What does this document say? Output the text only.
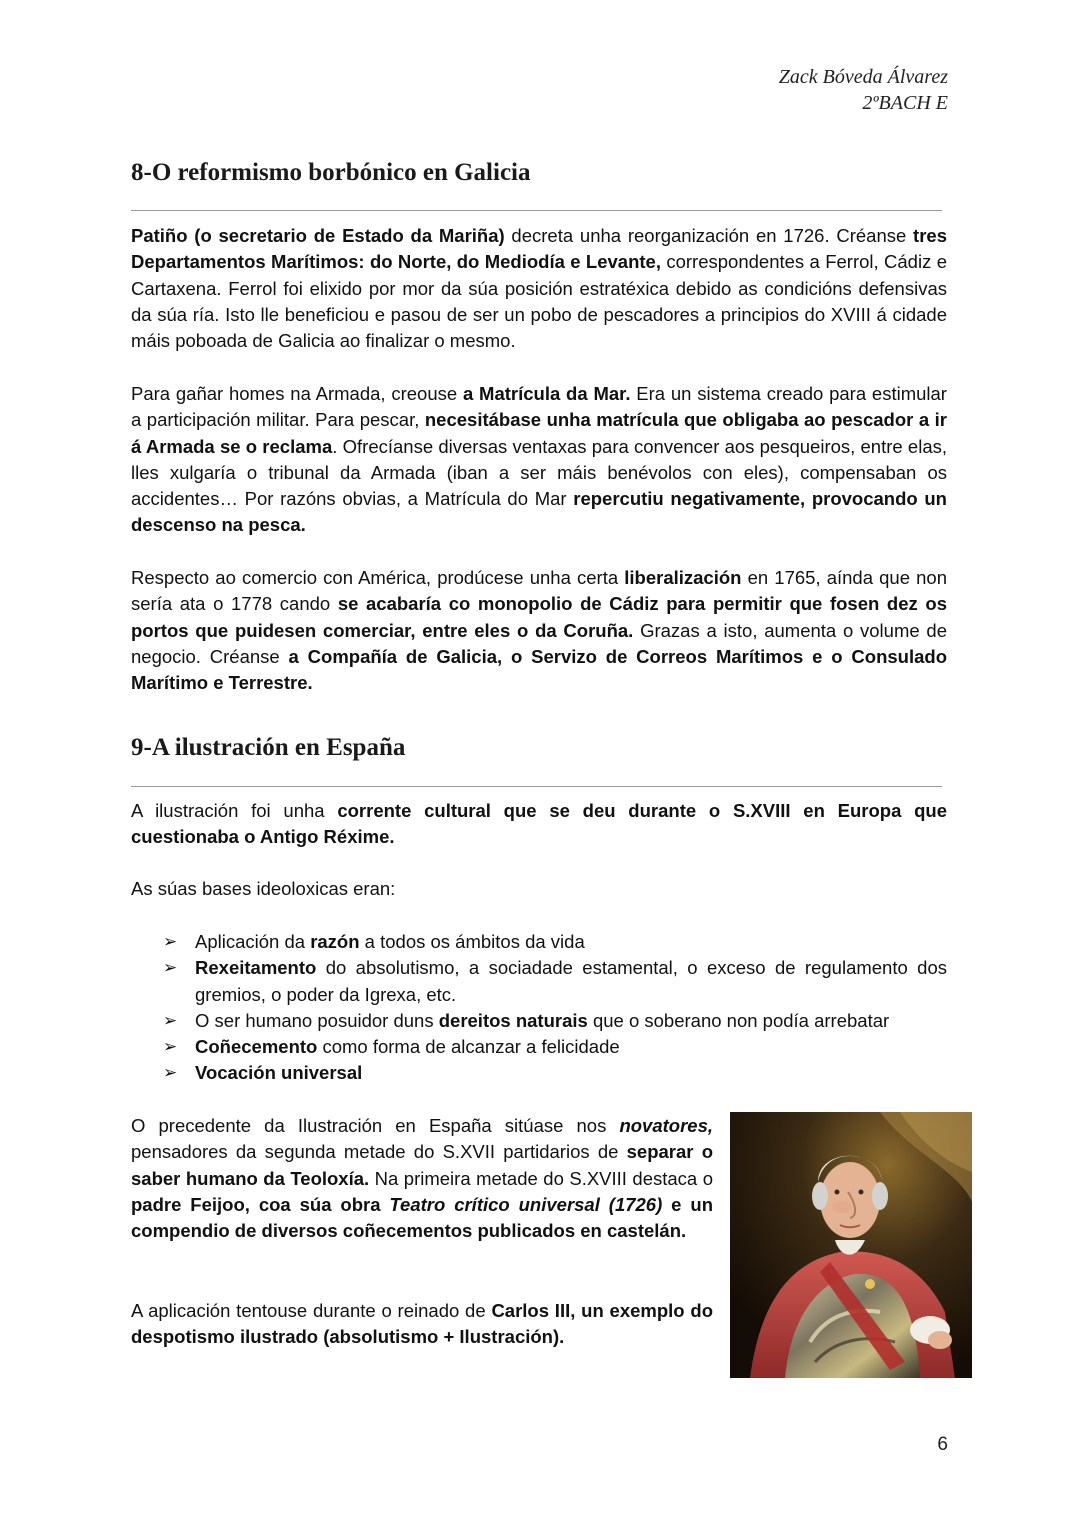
Zack Bóveda Álvarez
2ºBACH E
8-O reformismo borbónico en Galicia

Patiño (o secretario de Estado da Mariña) decreta unha reorganización en 1726. Créanse tres Departamentos Marítimos: do Norte, do Mediodía e Levante, correspondentes a Ferrol, Cádiz e Cartaxena. Ferrol foi elixido por mor da súa posición estratéxica debido as condicións defensivas da súa ría. Isto lle beneficiou e pasou de ser un pobo de pescadores a principios do XVIII á cidade máis poboada de Galicia ao finalizar o mesmo.

Para gañar homes na Armada, creouse a Matrícula da Mar. Era un sistema creado para estimular a participación militar. Para pescar, necesitábase unha matrícula que obligaba ao pescador a ir á Armada se o reclama. Ofrecíanse diversas ventaxas para convencer aos pesqueiros, entre elas, lles xulgaría o tribunal da Armada (iban a ser máis benévolos con eles), compensaban os accidentes… Por razóns obvias, a Matrícula do Mar repercutiu negativamente, provocando un descenso na pesca.

Respecto ao comercio con América, prodúcese unha certa liberalización en 1765, aínda que non sería ata o 1778 cando se acabaría co monopolio de Cádiz para permitir que fosen dez os portos que puidesen comerciar, entre eles o da Coruña. Grazas a isto, aumenta o volume de negocio. Créanse a Compañía de Galicia, o Servizo de Correos Marítimos e o Consulado Marítimo e Terrestre.

9-A ilustración en España

A ilustración foi unha corrente cultural que se deu durante o S.XVIII en Europa que cuestionaba o Antigo Réxime.

As súas bases ideoloxicas eran:

➢ Aplicación da razón a todos os ámbitos da vida
➢ Rexeitamento do absolutismo, a sociadade estamental, o exceso de regulamento dos gremios, o poder da Igrexa, etc.
➢ O ser humano posuidor duns dereitos naturais que o soberano non podía arrebatar
➢ Coñecemento como forma de alcanzar a felicidade
➢ Vocación universal

O precedente da Ilustración en España sitúase nos novatores, pensadores da segunda metade do S.XVII partidarios de separar o saber humano da Teoloxía. Na primeira metade do S.XVIII destaca o padre Feijoo, coa súa obra Teatro crítico universal (1726) e un compendio de diversos coñecementos publicados en castelán.

A aplicación tentouse durante o reinado de Carlos III, un exemplo do despotismo ilustrado (absolutismo + Ilustración).

6
